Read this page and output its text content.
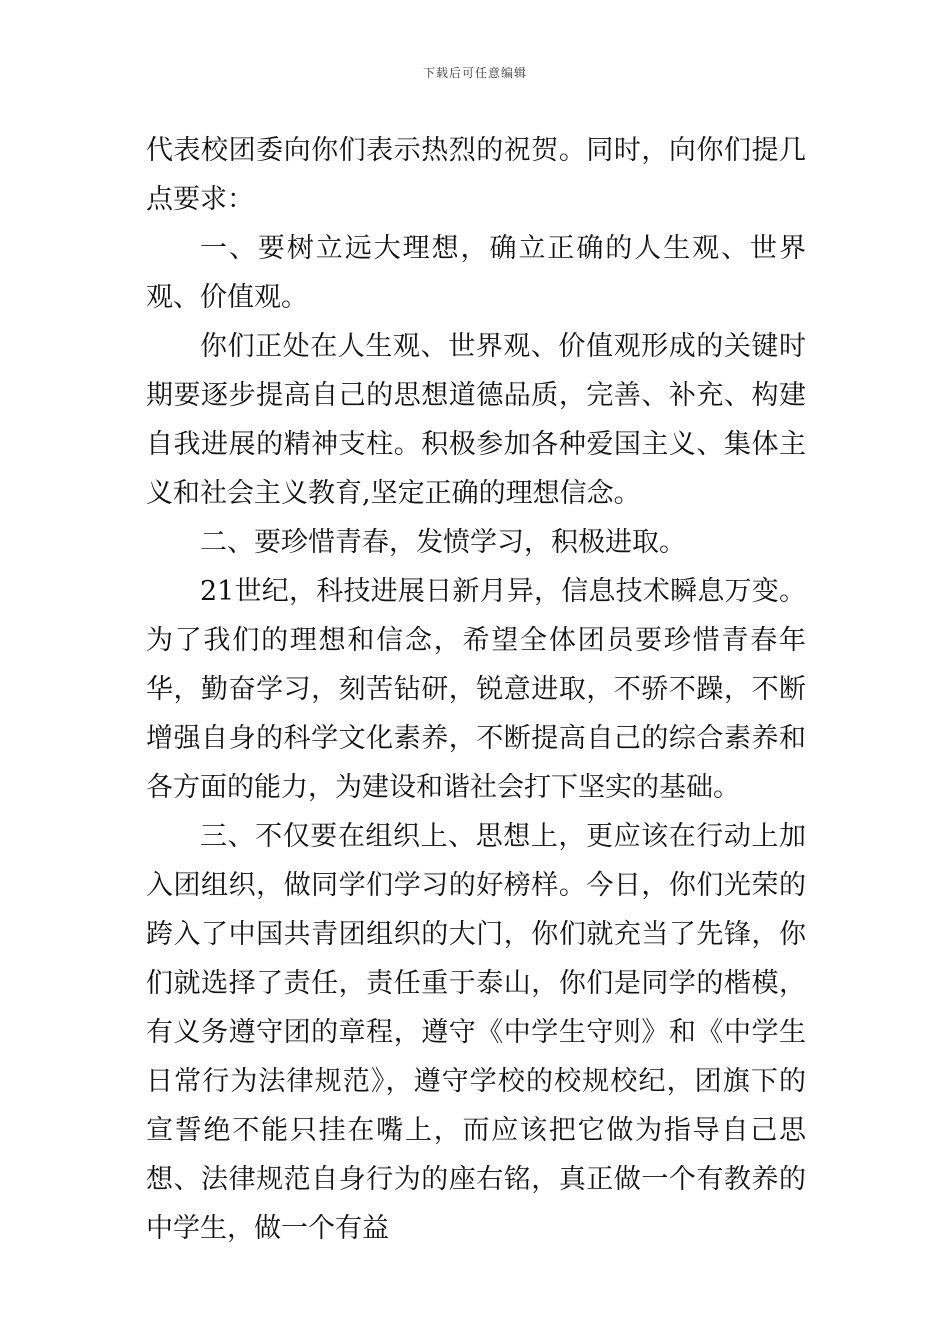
下载后可任意编辑

代表校团委向你们表示热烈的祝贺。同时，向你们提几点要求：

一、要树立远大理想，确立正确的人生观、世界观、价值观。

你们正处在人生观、世界观、价值观形成的关键时期要逐步提高自己的思想道德品质，完善、补充、构建自我进展的精神支柱。积极参加各种爱国主义、集体主义和社会主义教育,坚定正确的理想信念。

二、要珍惜青春，发愤学习，积极进取。

21世纪，科技进展日新月异，信息技术瞬息万变。为了我们的理想和信念，希望全体团员要珍惜青春年华，勤奋学习，刻苦钻研，锐意进取，不骄不躁，不断增强自身的科学文化素养，不断提高自己的综合素养和各方面的能力，为建设和谐社会打下坚实的基础。

三、不仅要在组织上、思想上，更应该在行动上加入团组织，做同学们学习的好榜样。今日，你们光荣的跨入了中国共青团组织的大门，你们就充当了先锋，你们就选择了责任，责任重于泰山，你们是同学的楷模，有义务遵守团的章程，遵守《中学生守则》和《中学生日常行为法律规范》，遵守学校的校规校纪，团旗下的宣誓绝不能只挂在嘴上，而应该把它做为指导自己思想、法律规范自身行为的座右铭，真正做一个有教养的中学生，做一个有益
